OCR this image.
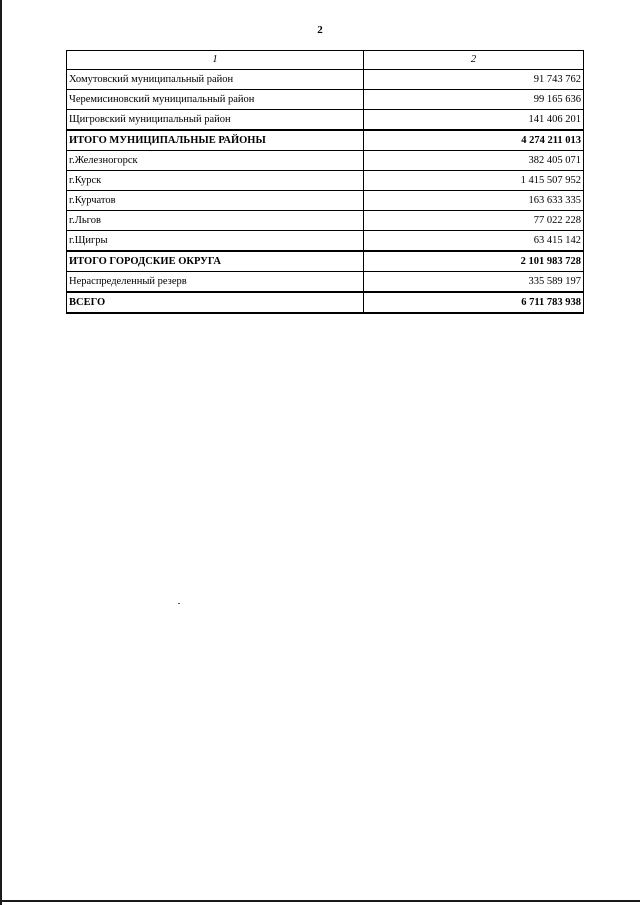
2
1	2
Хомутовский муниципальный район	91 743 762
Черемисиновский муниципальный район	99 165 636
Щигровский муниципальный район	141 406 201
ИТОГО МУНИЦИПАЛЬНЫЕ РАЙОНЫ	4 274 211 013
г.Железногорск	382 405 071
г.Курск	1 415 507 952
г.Курчатов	163 633 335
г.Льгов	77 022 228
г.Щигры	63 415 142
ИТОГО ГОРОДСКИЕ ОКРУГА	2 101 983 728
Нераспределенный резерв	335 589 197
ВСЕГО	6 711 783 938
